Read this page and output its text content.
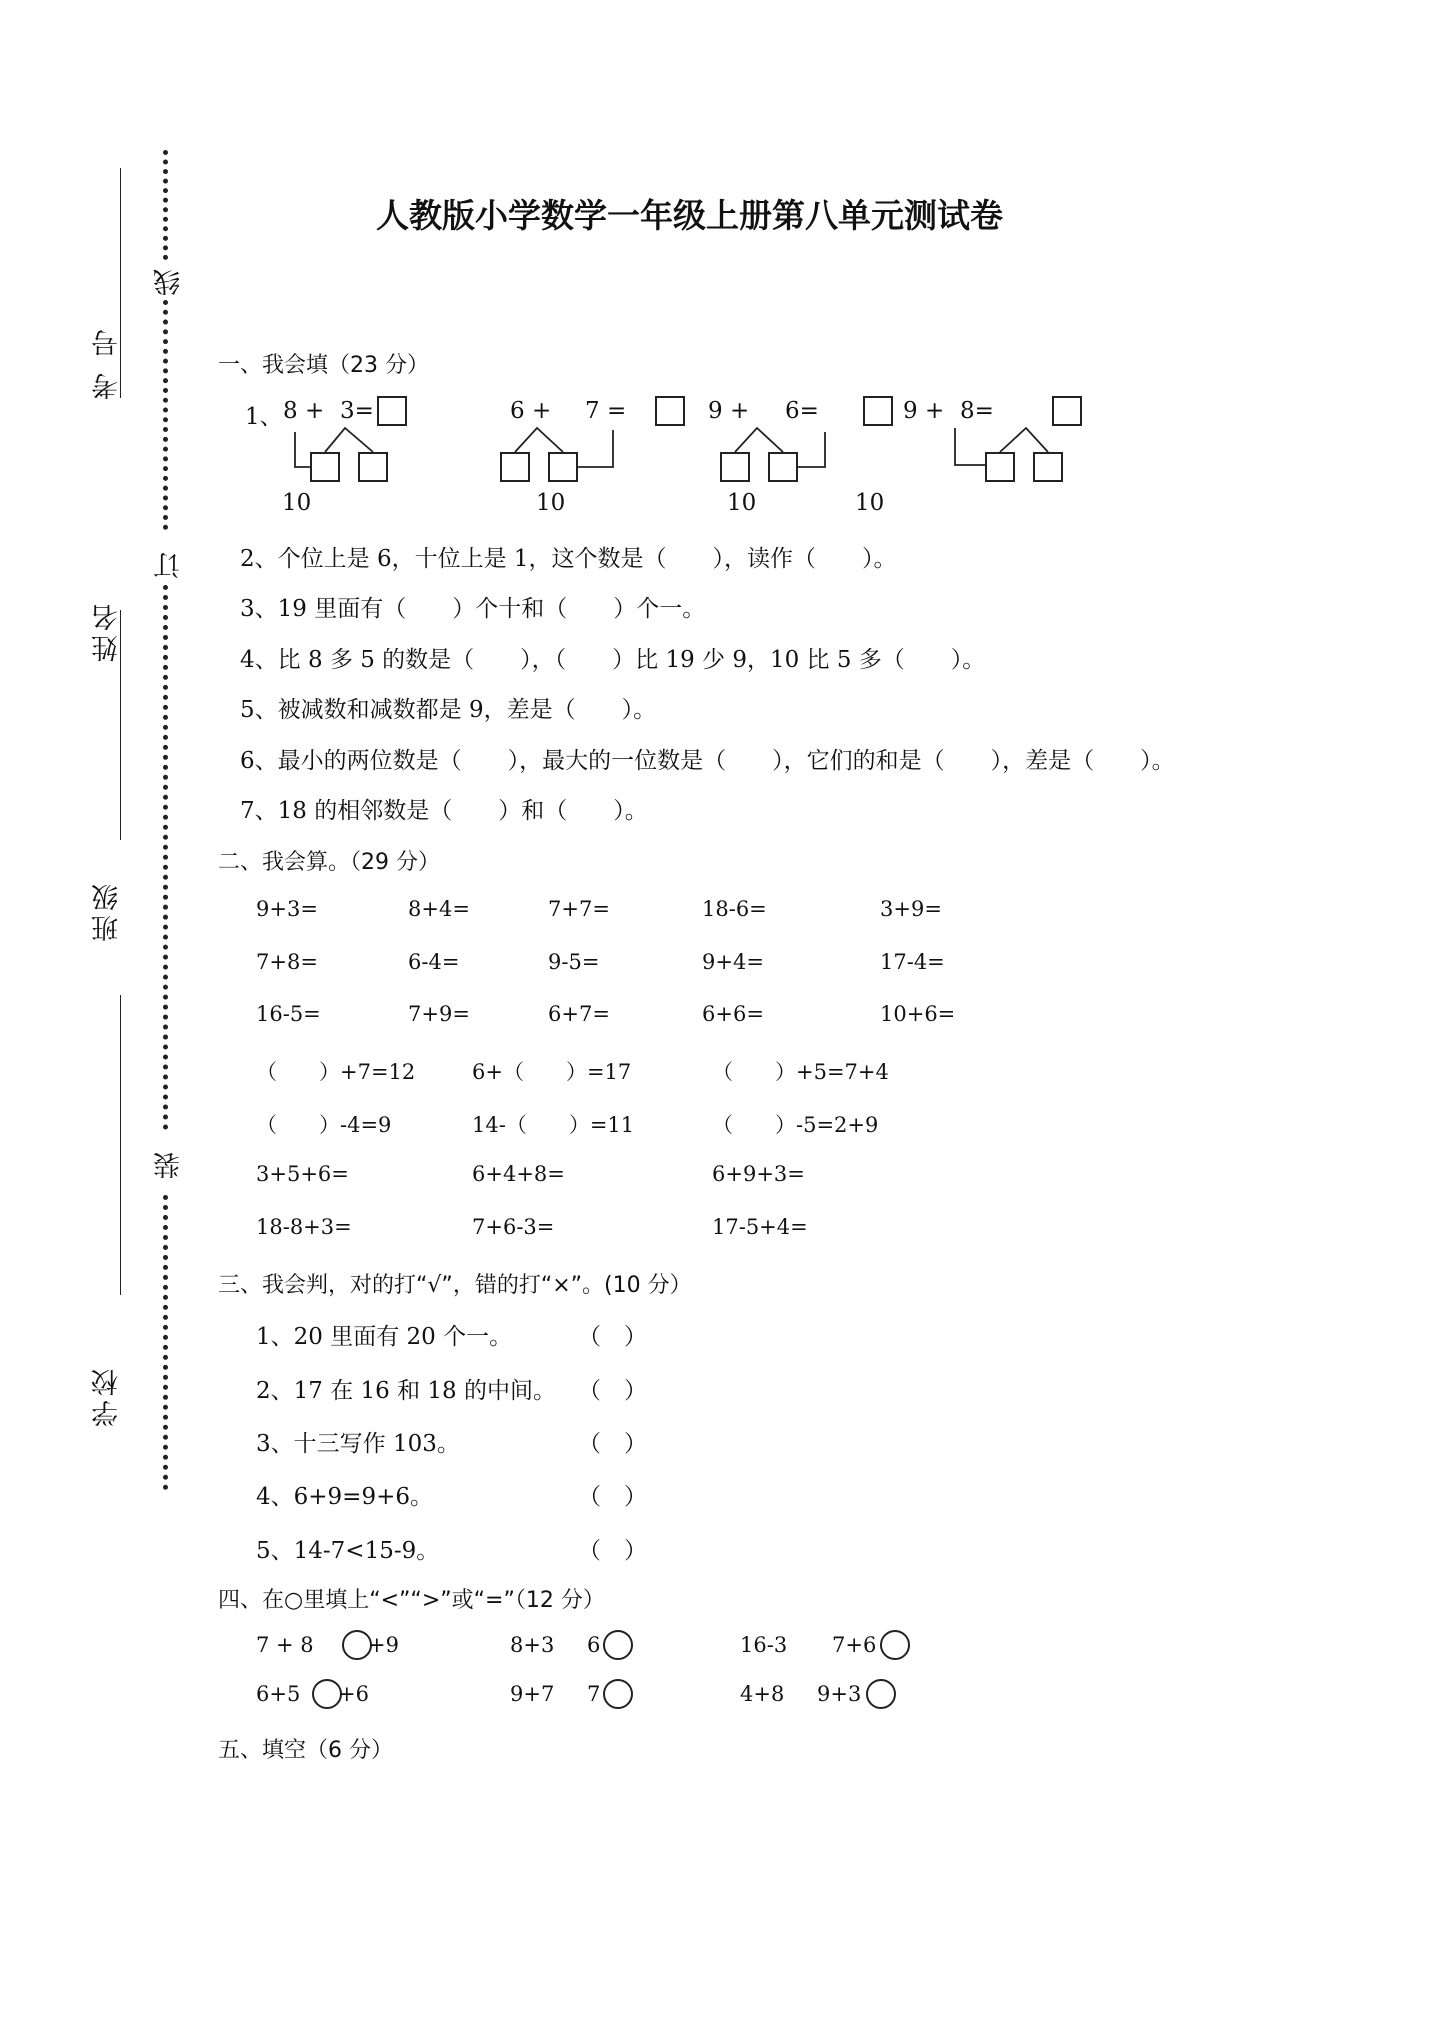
考 号
姓名
班级
学校
线
订
装
人教版小学数学一年级上册第八单元测试卷
一、我会填（23 分）
1、 8 + 3=
10
6 + 7 =
10
9 + 6=
10
9 + 8=
10
2、个位上是 6，十位上是 1，这个数是（　　），读作（　　）。
3、19 里面有（　　）个十和（　　）个一。
4、比 8 多 5 的数是（　　），（　　）比 19 少 9，10 比 5 多（　　）。
5、被减数和减数都是 9，差是（　　）。
6、最小的两位数是（　　），最大的一位数是（　　），它们的和是（　　），差是（　　）。
7、18 的相邻数是（　　）和（　　）。
二、我会算。（29 分）
9+3=	8+4=	7+7=	18-6=	3+9=
7+8=	6-4=	9-5=	9+4=	17-4=
16-5=	7+9=	6+7=	6+6=	10+6=
（　　）+7=12	6+（　　）=17	（　　）+5=7+4
（　　）-4=9	14-（　　）=11	（　　）-5=2+9
3+5+6=	6+4+8=	6+9+3=
18-8+3=	7+6-3=	17-5+4=
三、我会判，对的打“√”，错的打“×”。(10 分）
1、20 里面有 20 个一。	（　）
2、17 在 16 和 18 的中间。 （　）
3、十三写作 103。	（　）
4、6+9=9+6。	（　）
5、14-7<15-9。	（　）
四、在○里填上“<”“>”或“=”（12 分）
7 + 8	+9	8+3 6	16-3 7+6
6+5 +6	9+7 7	4+8 9+3
五、填空（6 分）
